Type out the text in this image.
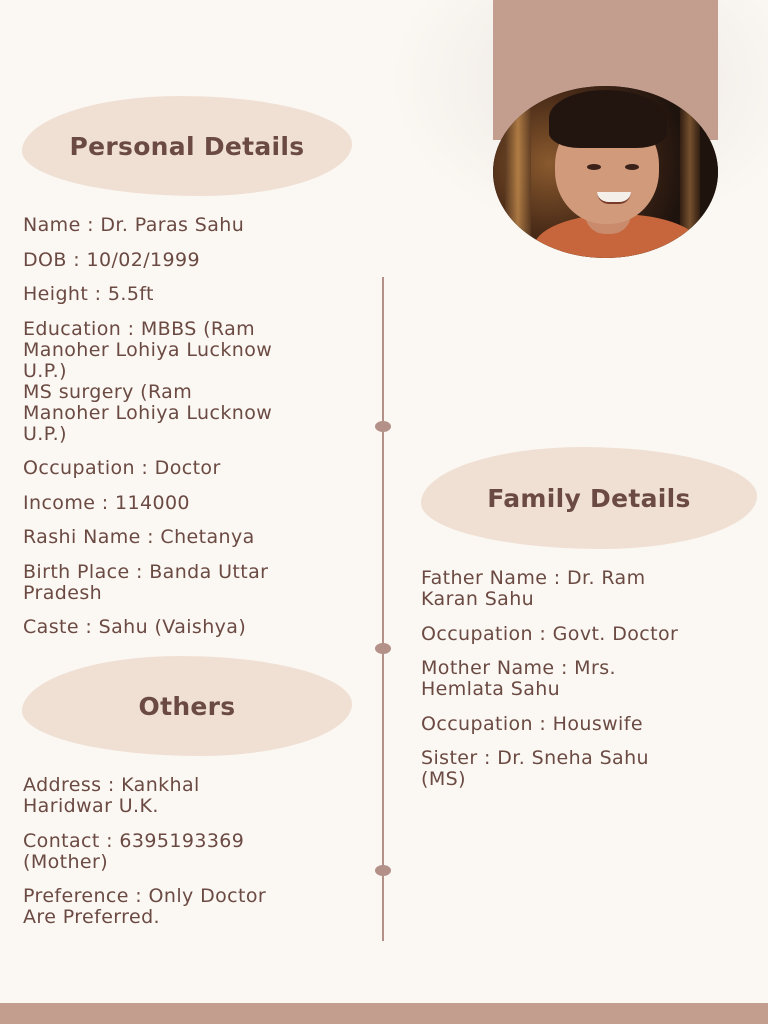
Personal Details
Name : Dr. Paras Sahu
DOB : 10/02/1999
Height : 5.5ft
Education : MBBS (Ram
Manoher Lohiya Lucknow
U.P.)
MS surgery (Ram
Manoher Lohiya Lucknow
U.P.)
Occupation : Doctor
Income : 114000
Rashi Name : Chetanya
Birth Place : Banda Uttar
Pradesh
Caste : Sahu (Vaishya)
Family Details
Father Name : Dr. Ram
Karan Sahu
Occupation : Govt. Doctor
Mother Name : Mrs.
Hemlata Sahu
Occupation : Houswife
Sister : Dr. Sneha Sahu
(MS)
Others
Address : Kankhal
Haridwar U.K.
Contact : 6395193369
(Mother)
Preference : Only Doctor
Are Preferred.
